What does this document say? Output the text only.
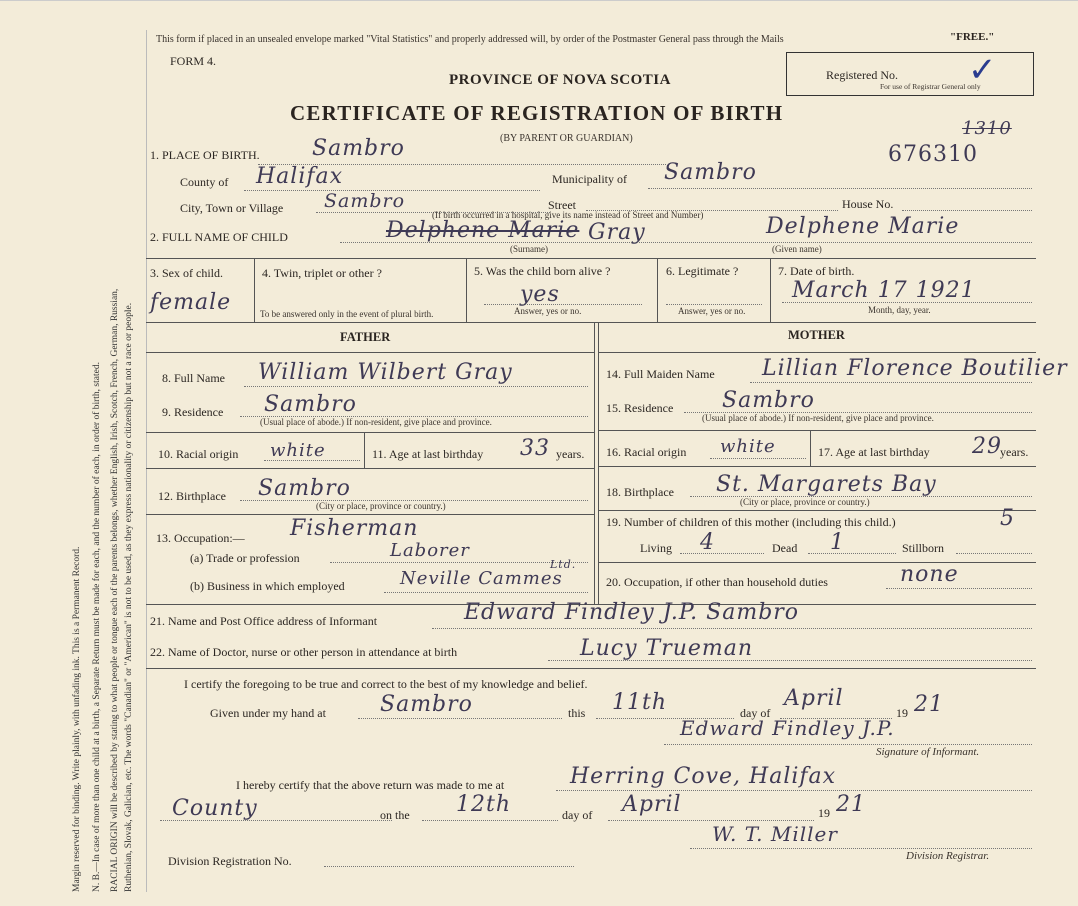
Margin reserved for binding. Write plainly, with unfading ink. This is a Permanent Record. N. B.—In case of more than one child at a birth, a Separate Return must be made for each, and the number of each, in order of birth, stated. RACIAL ORIGIN will be described by stating to what people or tongue each of the parents belongs, whether English, Irish, Scotch, French, German, Russian, Ruthenian, Slovak, Galician, etc. The words "Canadian" or "American" is not to be used, as they express nationality or citizenship but not a race or people.
This form if placed in an unsealed envelope marked "Vital Statistics" and properly addressed will, by order of the Postmaster General pass through the Mails	"FREE."
FORM 4.
PROVINCE OF NOVA SCOTIA
CERTIFICATE OF REGISTRATION OF BIRTH
(BY PARENT OR GUARDIAN)
Registered No.
For use of Registrar General only
✓
1310
676310
1. PLACE OF BIRTH. Sambro
County of Halifax	Municipality of Sambro
City, Town or Village Sambro	Street	House No.
(If birth occurred in a hospital, give its name instead of Street and Number)
2. FULL NAME OF CHILD	Delphene Marie Gray	Delphene Marie
(Surname)	(Given name)
3. Sex of child.
female
4. Twin, triplet or other ?
To be answered only in the event of plural birth.
5. Was the child born alive ?
yes
Answer, yes or no.
6. Legitimate ?
Answer, yes or no.
7. Date of birth.
March 17 1921
Month, day, year.
FATHER	MOTHER
8. Full Name William Wilbert Gray
9. Residence Sambro
(Usual place of abode.) If non-resident, give place and province.
10. Racial origin white	11. Age at last birthday 33 years.
12. Birthplace Sambro
(City or place, province or country.)
13. Occupation:— Fisherman
(a) Trade or profession	Laborer
(b) Business in which employed	Neville Cammes
Ltd.
14. Full Maiden Name Lillian Florence Boutilier
15. Residence Sambro
(Usual place of abode.) If non-resident, give place and province.
16. Racial origin white	17. Age at last birthday 29
years.
18. Birthplace St. Margarets Bay
(City or place, province or country.)
19. Number of children of this mother (including this child.)	5
Living 4	Dead 1	Stillborn
20. Occupation, if other than household duties	none
21. Name and Post Office address of Informant	Edward Findley J.P. Sambro
22. Name of Doctor, nurse or other person in attendance at birth	Lucy Trueman
I certify the foregoing to be true and correct to the best of my knowledge and belief.
Given under my hand at Sambro	this 11th	day of
April
19 21
Edward Findley J.P.
Signature of Informant.
I hereby certify that the above return was made to me at	Herring Cove, Halifax
County	on the 12th	day of April	19 21
W. T. Miller
Division Registrar.
Division Registration No.
